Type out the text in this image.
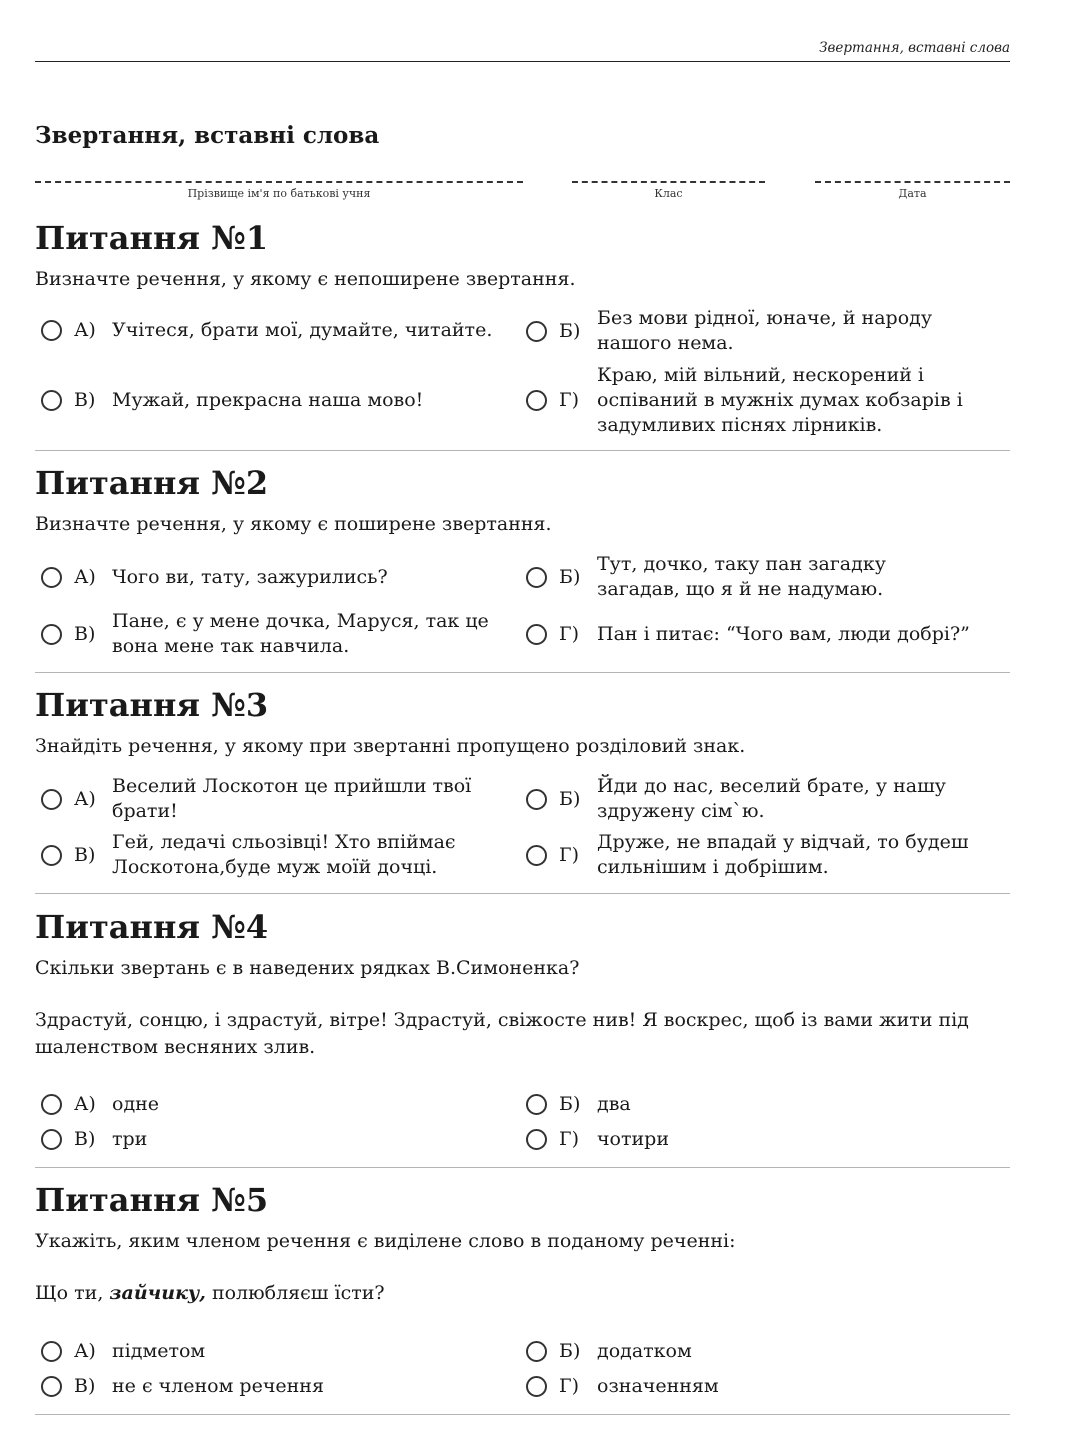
Звертання, вставні слова
Звертання, вставні слова
Прізвище ім'я по батькові учня	Клас	Дата
Питання №1

Визначте речення, у якому є непоширене звертання.

А) Учітеся, брати мої, думайте, читайте.	Б)
Без мови рідної, юначе, й народу нашого нема.
В) Мужай, прекрасна наша мово!	Г)
Краю, мій вільний, нескорений і оспіваний в мужніх думах кобзарів і задумливих піснях лірників.
Питання №2

Визначте речення, у якому є поширене звертання.

А) Чого ви, тату, зажурились?	Б)
Тут, дочко, таку пан загадку загадав, що я й не надумаю.
В)
Пане, є у мене дочка, Маруся, так це вона мене так навчила.
Г) Пан і питає: “Чого вам, люди добрі?”
Питання №3

Знайдіть речення, у якому при звертанні пропущено розділовий знак.

А)
Веселий Лоскотон це прийшли твої брати!
Б)
Йди до нас, веселий брате, у нашу здружену сім`ю.
В)
Гей, ледачі сльозівці! Хто впіймає Лоскотона,буде муж моїй дочці.
Г)
Друже, не впадай у відчай, то будеш сильнішим і добрішим.
Питання №4

Скільки звертань є в наведених рядках В.Симоненка?

Здрастуй, сонцю, і здрастуй, вітре! Здрастуй, свіжосте нив! Я воскрес, щоб із вами жити під шаленством весняних злив.

А) одне	Б) два
В) три	Г) чотири
Питання №5

Укажіть, яким членом речення є виділене слово в поданому реченні:

Що ти, зайчику, полюбляєш їсти?

А) підметом	Б) додатком
В) не є членом речення	Г) означенням
